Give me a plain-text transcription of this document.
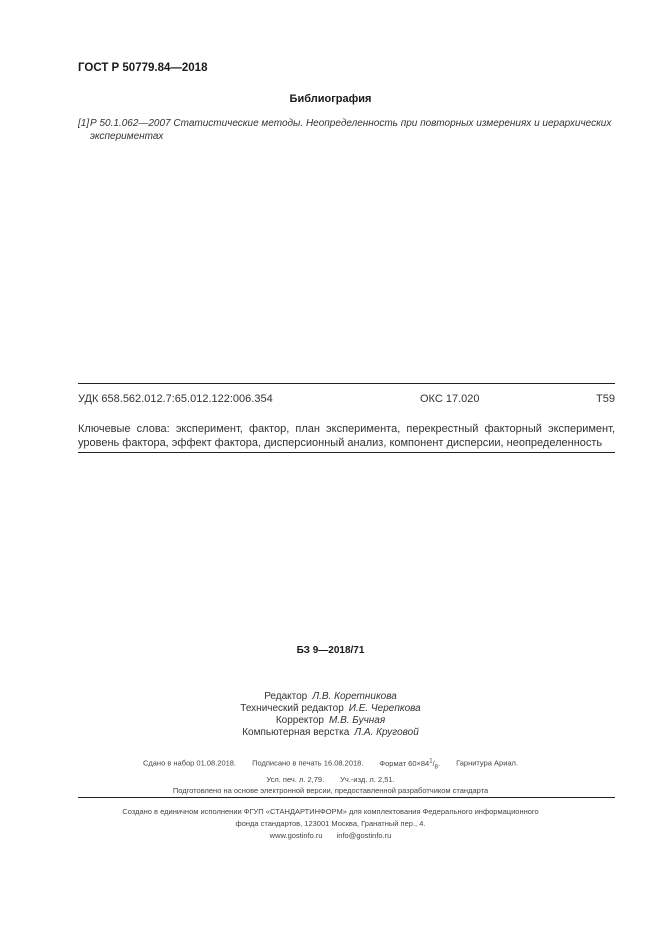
ГОСТ Р 50779.84—2018
Библиография
[1] Р 50.1.062—2007 Статистические методы. Неопределенность при повторных измерениях и иерархических
экспериментах
УДК 658.562.012.7:65.012.122:006.354	ОКС 17.020	Т59
Ключевые слова: эксперимент, фактор, план эксперимента, перекрестный факторный эксперимент,
уровень фактора, эффект фактора, дисперсионный анализ, компонент дисперсии, неопределенность
БЗ 9—2018/71
Редактор Л.В. Коретникова
Технический редактор И.Е. Черепкова
Корректор М.В. Бучная
Компьютерная верстка Л.А. Круговой
Сдано в набор 01.08.2018. Подписано в печать 16.08.2018. Формат $60\times 84^1/_8$. Гарнитура Ариал.
Усл. печ. л. 2,79. Уч.-изд. л. 2,51.
Подготовлено на основе электронной версии, предоставленной разработчиком стандарта
Создано в единичном исполнении ФГУП «СТАНДАРТИНФОРМ» для комплектования Федерального информационного
фонда стандартов, 123001 Москва, Гранатный пер., 4.
www.gostinfo.ru info@gostinfo.ru
